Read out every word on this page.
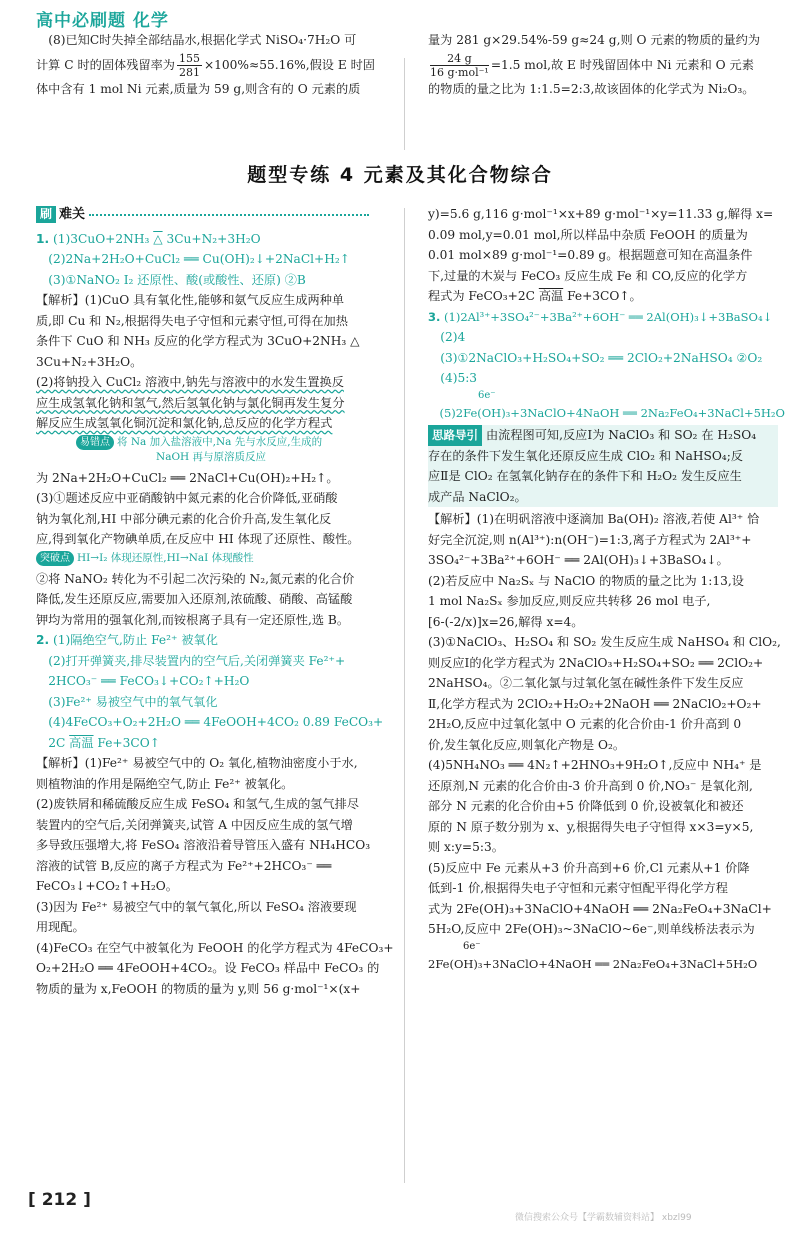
高中必刷题 化学

(8)已知C时失掉全部结晶水,根据化学式 NiSO₄·7H₂O 可

计算 C 时的固体残留率为 $\frac{155}{281} \times 100\%\approx 55.16\%$,假设 E 时固

体中含有 1 mol Ni 元素,质量为 59 g,则含有的 O 元素的质

量为 281 g×29.54%-59 g≈24 g,则 O 元素的物质的量约为

$\frac{24 g}{\text{16 g·mol⁻¹}} =1.5$ mol,故 E 时残留固体中 Ni 元素和 O 元素

的物质的量之比为 1:1.5=2:3,故该固体的化学式为 Ni₂O₃。

题型专练 4 元素及其化合物综合

刷 难关

1. (1)3CuO+2NH₃ △ 3Cu+N₂+3H₂O

(2)2Na+2H₂O+CuCl₂ ══ Cu(OH)₂↓+2NaCl+H₂↑

(3)①NaNO₂ I₂ 还原性、酸(或酸性、还原) ②B

【解析】(1)CuO 具有氧化性,能够和氨气反应生成两种单

质,即 Cu 和 N₂,根据得失电子守恒和元素守恒,可得在加热

条件下 CuO 和 NH₃ 反应的化学方程式为 3CuO+2NH₃ △

3Cu+N₂+3H₂O。

(2)将钠投入 CuCl₂ 溶液中,钠先与溶液中的水发生置换反

应生成氢氧化钠和氢气,然后氢氧化钠与氯化铜再发生复分

解反应生成氢氧化铜沉淀和氯化钠,总反应的化学方程式

易错点 将 Na 加入盐溶液中,Na 先与水反应,生成的
NaOH 再与原溶质反应

为 2Na+2H₂O+CuCl₂ ══ 2NaCl+Cu(OH)₂+H₂↑。

(3)①题述反应中亚硝酸钠中氮元素的化合价降低,亚硝酸

钠为氧化剂,HI 中部分碘元素的化合价升高,发生氧化反

应,得到氧化产物碘单质,在反应中 HI 体现了还原性、酸性。

突破点 HI→I₂ 体现还原性,HI→NaI 体现酸性

②将 NaNO₂ 转化为不引起二次污染的 N₂,氮元素的化合价

降低,发生还原反应,需要加入还原剂,浓硫酸、硝酸、高锰酸

钾均为常用的强氧化剂,而铵根离子具有一定还原性,选 B。

2. (1)隔绝空气,防止 Fe²⁺ 被氧化

(2)打开弹簧夹,排尽装置内的空气后,关闭弹簧夹 Fe²⁺+

2HCO₃⁻ ══ FeCO₃↓+CO₂↑+H₂O

(3)Fe²⁺ 易被空气中的氧气氧化

(4)4FeCO₃+O₂+2H₂O ══ 4FeOOH+4CO₂ 0.89 FeCO₃+

2C 高温 Fe+3CO↑

【解析】(1)Fe²⁺ 易被空气中的 O₂ 氧化,植物油密度小于水,

则植物油的作用是隔绝空气,防止 Fe²⁺ 被氧化。

(2)废铁屑和稀硫酸反应生成 FeSO₄ 和氢气,生成的氢气排尽

装置内的空气后,关闭弹簧夹,试管 A 中因反应生成的氢气增

多导致压强增大,将 FeSO₄ 溶液沿着导管压入盛有 NH₄HCO₃

溶液的试管 B,反应的离子方程式为 Fe²⁺+2HCO₃⁻ ══

FeCO₃↓+CO₂↑+H₂O。

(3)因为 Fe²⁺ 易被空气中的氧气氧化,所以 FeSO₄ 溶液要现

用现配。

(4)FeCO₃ 在空气中被氧化为 FeOOH 的化学方程式为 4FeCO₃+

O₂+2H₂O ══ 4FeOOH+4CO₂。设 FeCO₃ 样品中 FeCO₃ 的

物质的量为 x,FeOOH 的物质的量为 y,则 56 g·mol⁻¹×(x+

y)=5.6 g,116 g·mol⁻¹×x+89 g·mol⁻¹×y=11.33 g,解得 x=

0.09 mol,y=0.01 mol,所以样品中杂质 FeOOH 的质量为

0.01 mol×89 g·mol⁻¹=0.89 g。根据题意可知在高温条件

下,过量的木炭与 FeCO₃ 反应生成 Fe 和 CO,反应的化学方

程式为 FeCO₃+2C 高温 Fe+3CO↑。

3. (1)2Al³⁺+3SO₄²⁻+3Ba²⁺+6OH⁻ ══ 2Al(OH)₃↓+3BaSO₄↓

(2)4

(3)①2NaClO₃+H₂SO₄+SO₂ ══ 2ClO₂+2NaHSO₄ ②O₂

(4)5:3

6e⁻

(5)2Fe(OH)₃+3NaClO+4NaOH ══ 2Na₂FeO₄+3NaCl+5H₂O

思路导引 由流程图可知,反应Ⅰ为 NaClO₃ 和 SO₂ 在 H₂SO₄

存在的条件下发生氧化还原反应生成 ClO₂ 和 NaHSO₄;反

应Ⅱ是 ClO₂ 在氢氧化钠存在的条件下和 H₂O₂ 发生反应生

成产品 NaClO₂。

【解析】(1)在明矾溶液中逐滴加 Ba(OH)₂ 溶液,若使 Al³⁺ 恰

好完全沉淀,则 n(Al³⁺):n(OH⁻)=1:3,离子方程式为 2Al³⁺+

3SO₄²⁻+3Ba²⁺+6OH⁻ ══ 2Al(OH)₃↓+3BaSO₄↓。

(2)若反应中 Na₂Sₓ 与 NaClO 的物质的量之比为 1:13,设

1 mol Na₂Sₓ 参加反应,则反应共转移 26 mol 电子,

[6-(-2/x)]x=26,解得 x=4。

(3)①NaClO₃、H₂SO₄ 和 SO₂ 发生反应生成 NaHSO₄ 和 ClO₂,

则反应Ⅰ的化学方程式为 2NaClO₃+H₂SO₄+SO₂ ══ 2ClO₂+

2NaHSO₄。②二氧化氯与过氧化氢在碱性条件下发生反应

Ⅱ,化学方程式为 2ClO₂+H₂O₂+2NaOH ══ 2NaClO₂+O₂+

2H₂O,反应中过氧化氢中 O 元素的化合价由-1 价升高到 0

价,发生氧化反应,则氧化产物是 O₂。

(4)5NH₄NO₃ ══ 4N₂↑+2HNO₃+9H₂O↑,反应中 NH₄⁺ 是

还原剂,N 元素的化合价由-3 价升高到 0 价,NO₃⁻ 是氧化剂,

部分 N 元素的化合价由+5 价降低到 0 价,设被氧化和被还

原的 N 原子数分别为 x、y,根据得失电子守恒得 x×3=y×5,

则 x:y=5:3。

(5)反应中 Fe 元素从+3 价升高到+6 价,Cl 元素从+1 价降

低到-1 价,根据得失电子守恒和元素守恒配平得化学方程

式为 2Fe(OH)₃+3NaClO+4NaOH ══ 2Na₂FeO₄+3NaCl+

5H₂O,反应中 2Fe(OH)₃~3NaClO~6e⁻,则单线桥法表示为

6e⁻

2Fe(OH)₃+3NaClO+4NaOH ══ 2Na₂FeO₄+3NaCl+5H₂O

[ 212 ]
微信搜索公众号【学霸数辅资料站】 xbzl99
